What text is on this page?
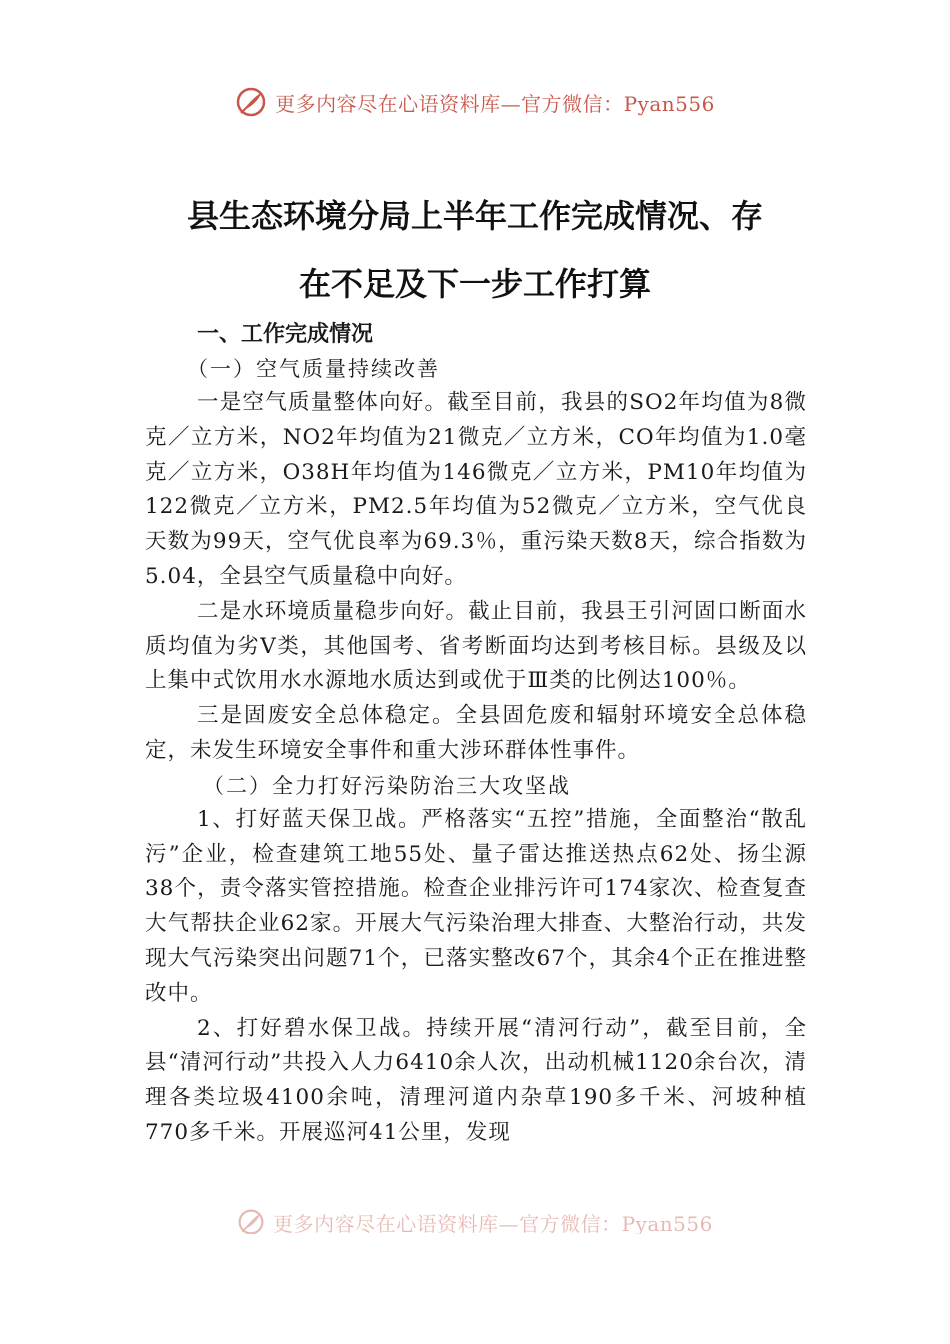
更多内容尽在心语资料库—官方微信：Pyan556
县生态环境分局上半年工作完成情况、存
在不足及下一步工作打算

一、工作完成情况

（一）空气质量持续改善

一是空气质量整体向好。截至目前，我县的SO2年均值为8微克／立方米，NO2年均值为21微克／立方米，CO年均值为1.0毫克／立方米，O38H年均值为146微克／立方米，PM10年均值为122微克／立方米，PM2.5年均值为52微克／立方米，空气优良天数为99天，空气优良率为69.3％，重污染天数8天，综合指数为5.04，全县空气质量稳中向好。

二是水环境质量稳步向好。截止目前，我县王引河固口断面水质均值为劣V类，其他国考、省考断面均达到考核目标。县级及以上集中式饮用水水源地水质达到或优于Ⅲ类的比例达100％。

三是固废安全总体稳定。全县固危废和辐射环境安全总体稳定，未发生环境安全事件和重大涉环群体性事件。

（二）全力打好污染防治三大攻坚战

1、打好蓝天保卫战。严格落实“五控”措施，全面整治“散乱污”企业，检查建筑工地55处、量子雷达推送热点62处、扬尘源38个，责令落实管控措施。检查企业排污许可174家次、检查复查大气帮扶企业62家。开展大气污染治理大排查、大整治行动，共发现大气污染突出问题71个，已落实整改67个，其余4个正在推进整改中。

2、打好碧水保卫战。持续开展“清河行动”，截至目前，全县“清河行动”共投入人力6410余人次，出动机械1120余台次，清理各类垃圾4100余吨，清理河道内杂草190多千米、河坡种植770多千米。开展巡河41公里，发现

更多内容尽在心语资料库—官方微信：Pyan556
